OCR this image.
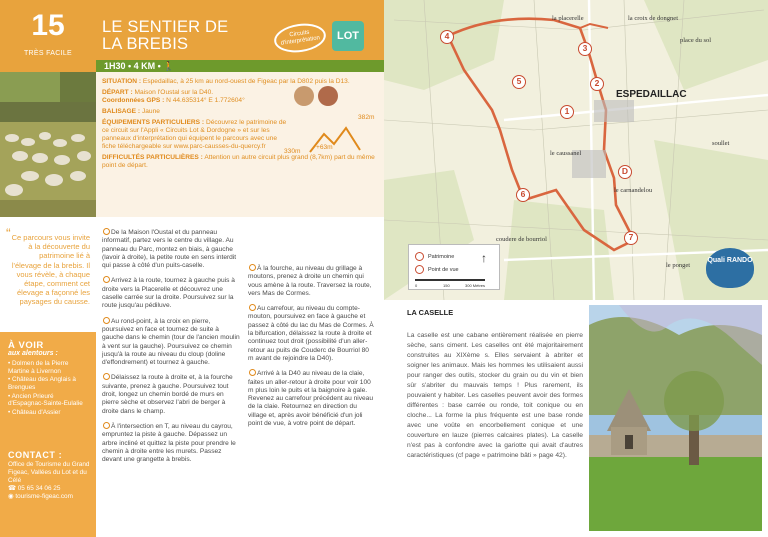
15
TRÈS FACILE
LE SENTIER DE
LA BREBIS
Circuits d'interprétation	LOT
1H30 • 4 KM • 🚶

SITUATION : Espedaillac, à 25 km au nord-ouest de Figeac par la D802 puis la D13.

DÉPART : Maison l'Oustal sur la D40.
Coordonnées GPS : N 44.635314° E 1.772604°

BALISAGE : Jaune

ÉQUIPEMENTS PARTICULIERS : Découvrez le patrimoine de ce circuit sur l'Appli « Circuits Lot & Dordogne » et sur les panneaux d'interprétation qui équipent le parcours avec une fiche téléchargeable sur www.parc-causses-du-quercy.fr

DIFFICULTÉS PARTICULIÈRES : Attention un autre circuit plus grand (8,7km) part du même point de départ.

382m
330m
+63m
la placerelle	la croix de dongnet
place du sol
ESPEDAILLAC
le caussanel
soullet
le carnandelou
coudere de bourriol
le ponget
5
4
3
2
1
D
6
7
Patrimoine
Point de vue
↑
0	150	300 Mètres
Quali RANDO
“ Ce parcours vous invite à la découverte du patrimoine lié à l'élevage de la brebis. Il vous révèle, à chaque étape, comment cet élevage a façonné les paysages du causse.
À VOIR
aux alentours :
• Dolmen de la Pierre Martine à Livernon
• Château des Anglais à Brengues
• Ancien Prieuré d'Espagnac-Sainte-Eulalie
• Château d'Assier
CONTACT :
Office de Tourisme du Grand Figeac, Vallées du Lot et du Célé
☎ 05 65 34 06 25
◉ tourisme-figeac.com

De la Maison l'Oustal et du panneau informatif, partez vers le centre du village. Au panneau du Parc, montez en biais, à gauche (lavoir à droite), la petite route en sens interdit qui passe à côté d'un puits-caselle.

Arrivez à la route, tournez à gauche puis à droite vers la Placerelle et découvrez une caselle carrée sur la droite. Poursuivez sur la route jusqu'au pédiluve.

Au rond-point, à la croix en pierre, poursuivez en face et tournez de suite à gauche dans le chemin (tour de l'ancien moulin à vent sur la gauche). Poursuivez ce chemin jusqu'à la route au niveau du cloup (doline d'effondrement) et tournez à gauche.

Délaissez la route à droite et, à la fourche suivante, prenez à gauche. Poursuivez tout droit, longez un chemin bordé de murs en pierre sèche et observez l'abri de berger à droite dans le champ.

À l'intersection en T, au niveau du cayrou, empruntez la piste à gauche. Dépassez un arbre incliné et quittez la piste pour prendre le chemin à droite entre les murets. Passez devant une grangette à brebis.

À la fourche, au niveau du grillage à moutons, prenez à droite un chemin qui vous amène à la route. Traversez la route, vers Mas de Cormes.

Au carrefour, au niveau du compte-mouton, poursuivez en face à gauche et passez à côté du lac du Mas de Cormes. À la bifurcation, délaissez la route à droite et continuez tout droit (possibilité d'un aller-retour au puits de Couderc de Bourriol 80 m avant de rejoindre la D40).

Arrivé à la D40 au niveau de la claie, faites un aller-retour à droite pour voir 100 m plus loin le puits et la baignoire à gale. Revenez au carrefour précédent au niveau de la claie. Retournez en direction du village et, après avoir bénéficié d'un joli point de vue, à votre point de départ.

LA CASELLE
La caselle est une cabane entièrement réalisée en pierre sèche, sans ciment. Les caselles ont été majoritairement construites au XIXème s. Elles servaient à abriter et soigner les animaux. Mais les hommes les utilisaient aussi pour ranger des outils, stocker du grain ou du vin et bien sûr s'abriter du mauvais temps ! Plus rarement, ils pouvaient y habiter. Les caselles peuvent avoir des formes différentes : base carrée ou ronde, toit conique ou en cloche... La forme la plus fréquente est une base ronde avec une voûte en encorbellement conique et une couverture en lauze (pierres calcaires plates). La caselle n'est pas à confondre avec la gariotte qui avait d'autres caractéristiques (cf page « patrimoine bâti » page 42).
